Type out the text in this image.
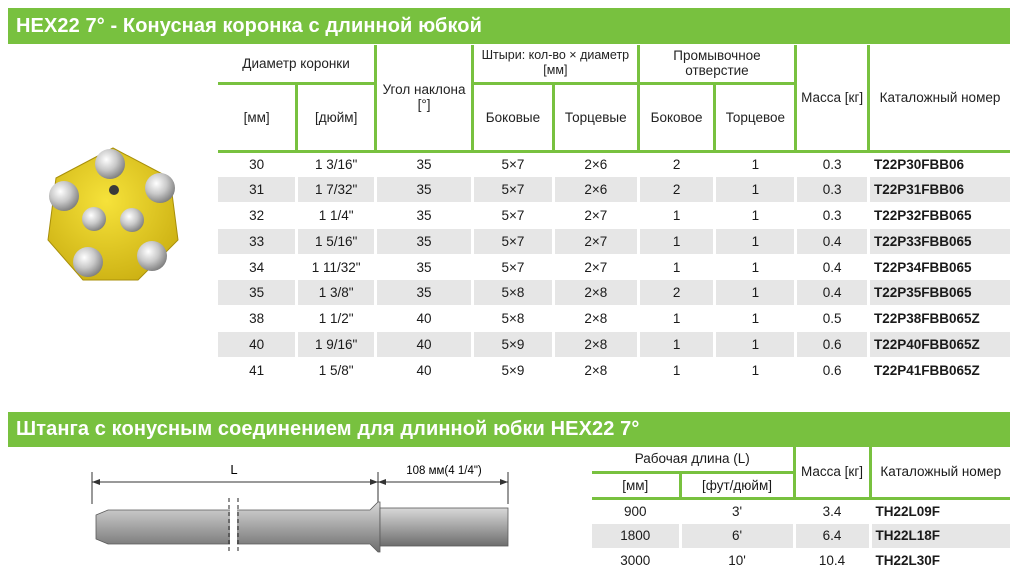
HEX22 7° - Конусная коронка с длинной юбкой
Диаметр коронки		Угол наклона [°]	Штыри: кол-во × диаметр [мм]		Промывочное отверстие		Масса [кг]	Каталожный номер
[мм]	[дюйм]		Боковые	Торцевые	Боковое	Торцевое		
30	1 3/16"	35	5×7	2×6	2	1	0.3	T22P30FBB06
31	1 7/32"	35	5×7	2×6	2	1	0.3	T22P31FBB06
32	1 1/4"	35	5×7	2×7	1	1	0.3	T22P32FBB065
33	1 5/16"	35	5×7	2×7	1	1	0.4	T22P33FBB065
34	1 11/32"	35	5×7	2×7	1	1	0.4	T22P34FBB065
35	1 3/8"	35	5×8	2×8	2	1	0.4	T22P35FBB065
38	1 1/2"	40	5×8	2×8	1	1	0.5	T22P38FBB065Z
40	1 9/16"	40	5×9	2×8	1	1	0.6	T22P40FBB065Z
41	1 5/8"	40	5×9	2×8	1	1	0.6	T22P41FBB065Z
Штанга с конусным соединением для длинной юбки HEX22 7°
L	108 мм(4 1/4")
Рабочая длина (L)		Масса [кг]	Каталожный номер
[мм]	[фут/дюйм]		
900	3'	3.4	TH22L09F
1800	6'	6.4	TH22L18F
3000	10'	10.4	TH22L30F
